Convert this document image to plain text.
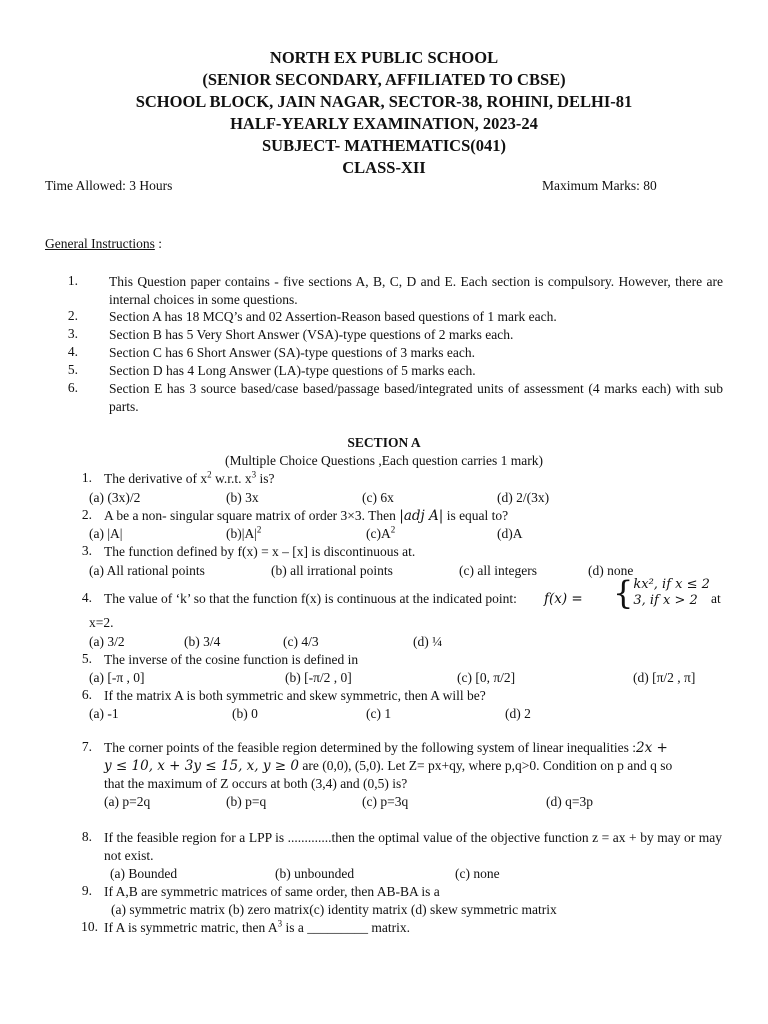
NORTH EX PUBLIC SCHOOL
(SENIOR SECONDARY, AFFILIATED TO CBSE)
SCHOOL BLOCK, JAIN NAGAR, SECTOR-38, ROHINI, DELHI-81
HALF-YEARLY EXAMINATION, 2023-24
SUBJECT- MATHEMATICS(041)
CLASS-XII
Time Allowed: 3 Hours	Maximum Marks: 80
General Instructions :
1. This Question paper contains - five sections A, B, C, D and E. Each section is compulsory. However, there are internal choices in some questions.
2. Section A has 18 MCQ’s and 02 Assertion-Reason based questions of 1 mark each.
3. Section B has 5 Very Short Answer (VSA)-type questions of 2 marks each.
4. Section C has 6 Short Answer (SA)-type questions of 3 marks each.
5. Section D has 4 Long Answer (LA)-type questions of 5 marks each.
6. Section E has 3 source based/case based/passage based/integrated units of assessment (4 marks each) with sub parts.
SECTION A
(Multiple Choice Questions ,Each question carries 1 mark)
1. The derivative of $x^2$ w.r.t. $x^3$ is?
(a) (3x)/2	(b) 3x	(c) 6x	(d) 2/(3x)
2. A be a non- singular square matrix of order 3×3. Then |adj A| is equal to?
(a) |A|	$(b)|A|^2$	$(c)A^2$	(d)A
3. The function defined by f(x) = x – [x] is discontinuous at.
(a) All rational points	(b) all irrational points	(c) all integers	(d) none
4. The value of ‘k’ so that the function f(x) is continuous at the indicated point: f(x) = { kx², if x ≤ 2
3, if x > 2 at
x=2.
(a) 3/2	(b) 3/4	(c) 4/3	(d) ¼
5. The inverse of the cosine function is defined in
(a) [-π , 0]	(b) [-π/2 , 0]	(c) [0, π/2]	(d) [π/2 , π]
6. If the matrix A is both symmetric and skew symmetric, then A will be?
(a) -1	(b) 0	(c) 1	(d) 2
7. The corner points of the feasible region determined by the following system of linear inequalities :2x +
y ≤ 10, x + 3y ≤ 15, x, y ≥ 0 are (0,0), (5,0). Let Z= px+qy, where p,q>0. Condition on p and q so
that the maximum of Z occurs at both (3,4) and (0,5) is?
(a) p=2q	(b) p=q	(c) p=3q	(d) q=3p
8. If the feasible region for a LPP is .............then the optimal value of the objective function z = ax + by may or may not exist.
(a) Bounded	(b) unbounded	(c) none
9. If A,B are symmetric matrices of same order, then AB-BA is a
(a) symmetric matrix (b) zero matrix(c) identity matrix (d) skew symmetric matrix
10. If A is symmetric matric, then $A^3$ is a _________ matrix.
